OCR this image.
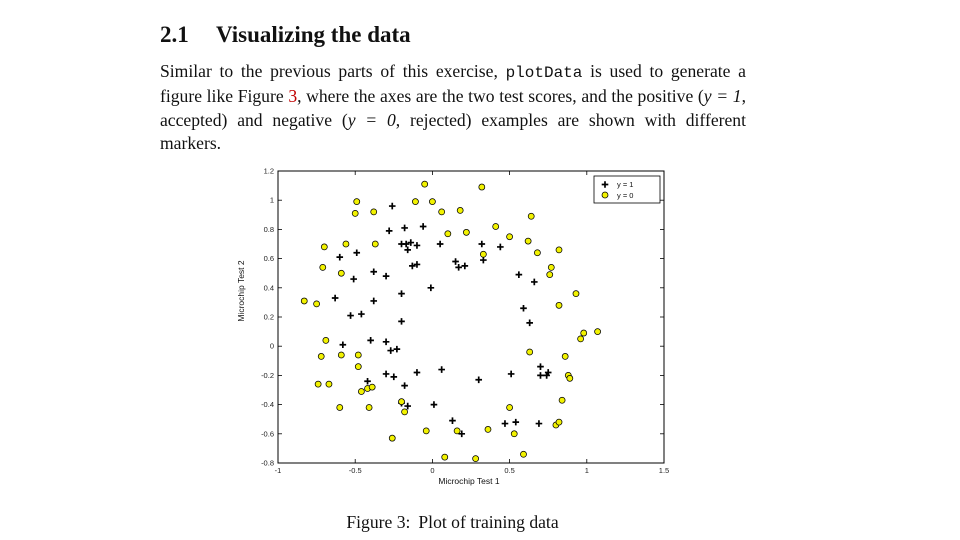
2.1 Visualizing the data
Similar to the previous parts of this exercise, plotData is used to generate a figure like Figure 3, where the axes are the two test scores, and the positive (y = 1, accepted) and negative (y = 0, rejected) examples are shown with different markers.
-1	-0.5	0	0.5	1	1.5
-0.8
-0.6
-0.4
-0.2
0
0.2
0.4
0.6
0.8
1
1.2
Microchip Test 1
Microchip Test 2
y = 1
y = 0
Figure 3: Plot of training data
